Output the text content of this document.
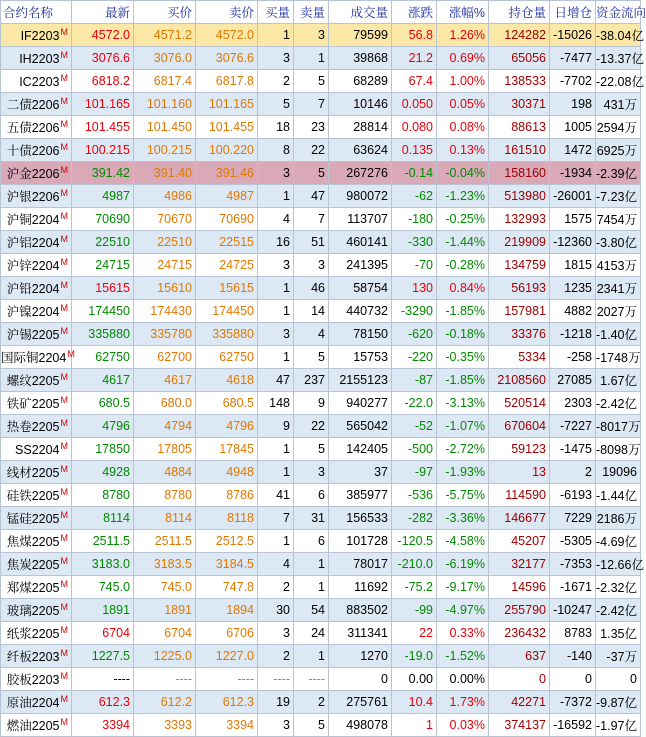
合约名称	最新	买价	卖价	买量	卖量	成交量	涨跌	涨幅%	持仓量	日增仓	资金流向
$IF2203^M$	4572.0	4571.2	4572.0	1	3	79599	56.8	1.26%	124282	-15026	-38.04亿
$IH2203^M$	3076.6	3076.0	3076.6	3	1	39868	21.2	0.69%	65056	-7477	-13.37亿
$IC2203^M$	6818.2	6817.4	6817.8	2	5	68289	67.4	1.00%	138533	-7702	-22.08亿
二债$2206^M$	101.165	101.160	101.165	5	7	10146	0.050	0.05%	30371	198	431万
五债$2206^M$	101.455	101.450	101.455	18	23	28814	0.080	0.08%	88613	1005	2594万
十债$2206^M$	100.215	100.215	100.220	8	22	63624	0.135	0.13%	161510	1472	6925万
沪金$2206^M$	391.42	391.40	391.46	3	5	267276	-0.14	-0.04%	158160	-1934	-2.39亿
沪银$2206^M$	4987	4986	4987	1	47	980072	-62	-1.23%	513980	-26001	-7.23亿
沪铜$2204^M$	70690	70670	70690	4	7	113707	-180	-0.25%	132993	1575	7454万
沪铝$2204^M$	22510	22510	22515	16	51	460141	-330	-1.44%	219909	-12360	-3.80亿
沪锌$2204^M$	24715	24715	24725	3	3	241395	-70	-0.28%	134759	1815	4153万
沪铅$2204^M$	15615	15610	15615	1	46	58754	130	0.84%	56193	1235	2341万
沪镍$2204^M$	174450	174430	174450	1	14	440732	-3290	-1.85%	157981	4882	2027万
沪锡$2205^M$	335880	335780	335880	3	4	78150	-620	-0.18%	33376	-1218	-1.40亿
国际铜$2204^M$	62750	62700	62750	1	5	15753	-220	-0.35%	5334	-258	-1748万
螺纹$2205^M$	4617	4617	4618	47	237	2155123	-87	-1.85%	2108560	27085	1.67亿
铁矿$2205^M$	680.5	680.0	680.5	148	9	940277	-22.0	-3.13%	520514	2303	-2.42亿
热卷$2205^M$	4796	4794	4796	9	22	565042	-52	-1.07%	670604	-7227	-8017万
$SS2204^M$	17850	17805	17845	1	5	142405	-500	-2.72%	59123	-1475	-8098万
线材$2205^M$	4928	4884	4948	1	3	37	-97	-1.93%	13	2	19096
硅铁$2205^M$	8780	8780	8786	41	6	385977	-536	-5.75%	114590	-6193	-1.44亿
锰硅$2205^M$	8114	8114	8118	7	31	156533	-282	-3.36%	146677	7229	2186万
焦煤$2205^M$	2511.5	2511.5	2512.5	1	6	101728	-120.5	-4.58%	45207	-5305	-4.69亿
焦炭$2205^M$	3183.0	3183.5	3184.5	4	1	78017	-210.0	-6.19%	32177	-7353	-12.66亿
郑煤$2205^M$	745.0	745.0	747.8	2	1	11692	-75.2	-9.17%	14596	-1671	-2.32亿
玻璃$2205^M$	1891	1891	1894	30	54	883502	-99	-4.97%	255790	-10247	-2.42亿
纸浆$2205^M$	6704	6704	6706	3	24	311341	22	0.33%	236432	8783	1.35亿
纤板$2203^M$	1227.5	1225.0	1227.0	2	1	1270	-19.0	-1.52%	637	-140	-37万
胶板$2203^M$	----	----	----	----	----	0	0.00	0.00%	0	0	0
原油$2204^M$	612.3	612.2	612.3	19	2	275761	10.4	1.73%	42271	-7372	-9.87亿
燃油$2205^M$	3394	3393	3394	3	5	498078	1	0.03%	374137	-16592	-1.97亿
